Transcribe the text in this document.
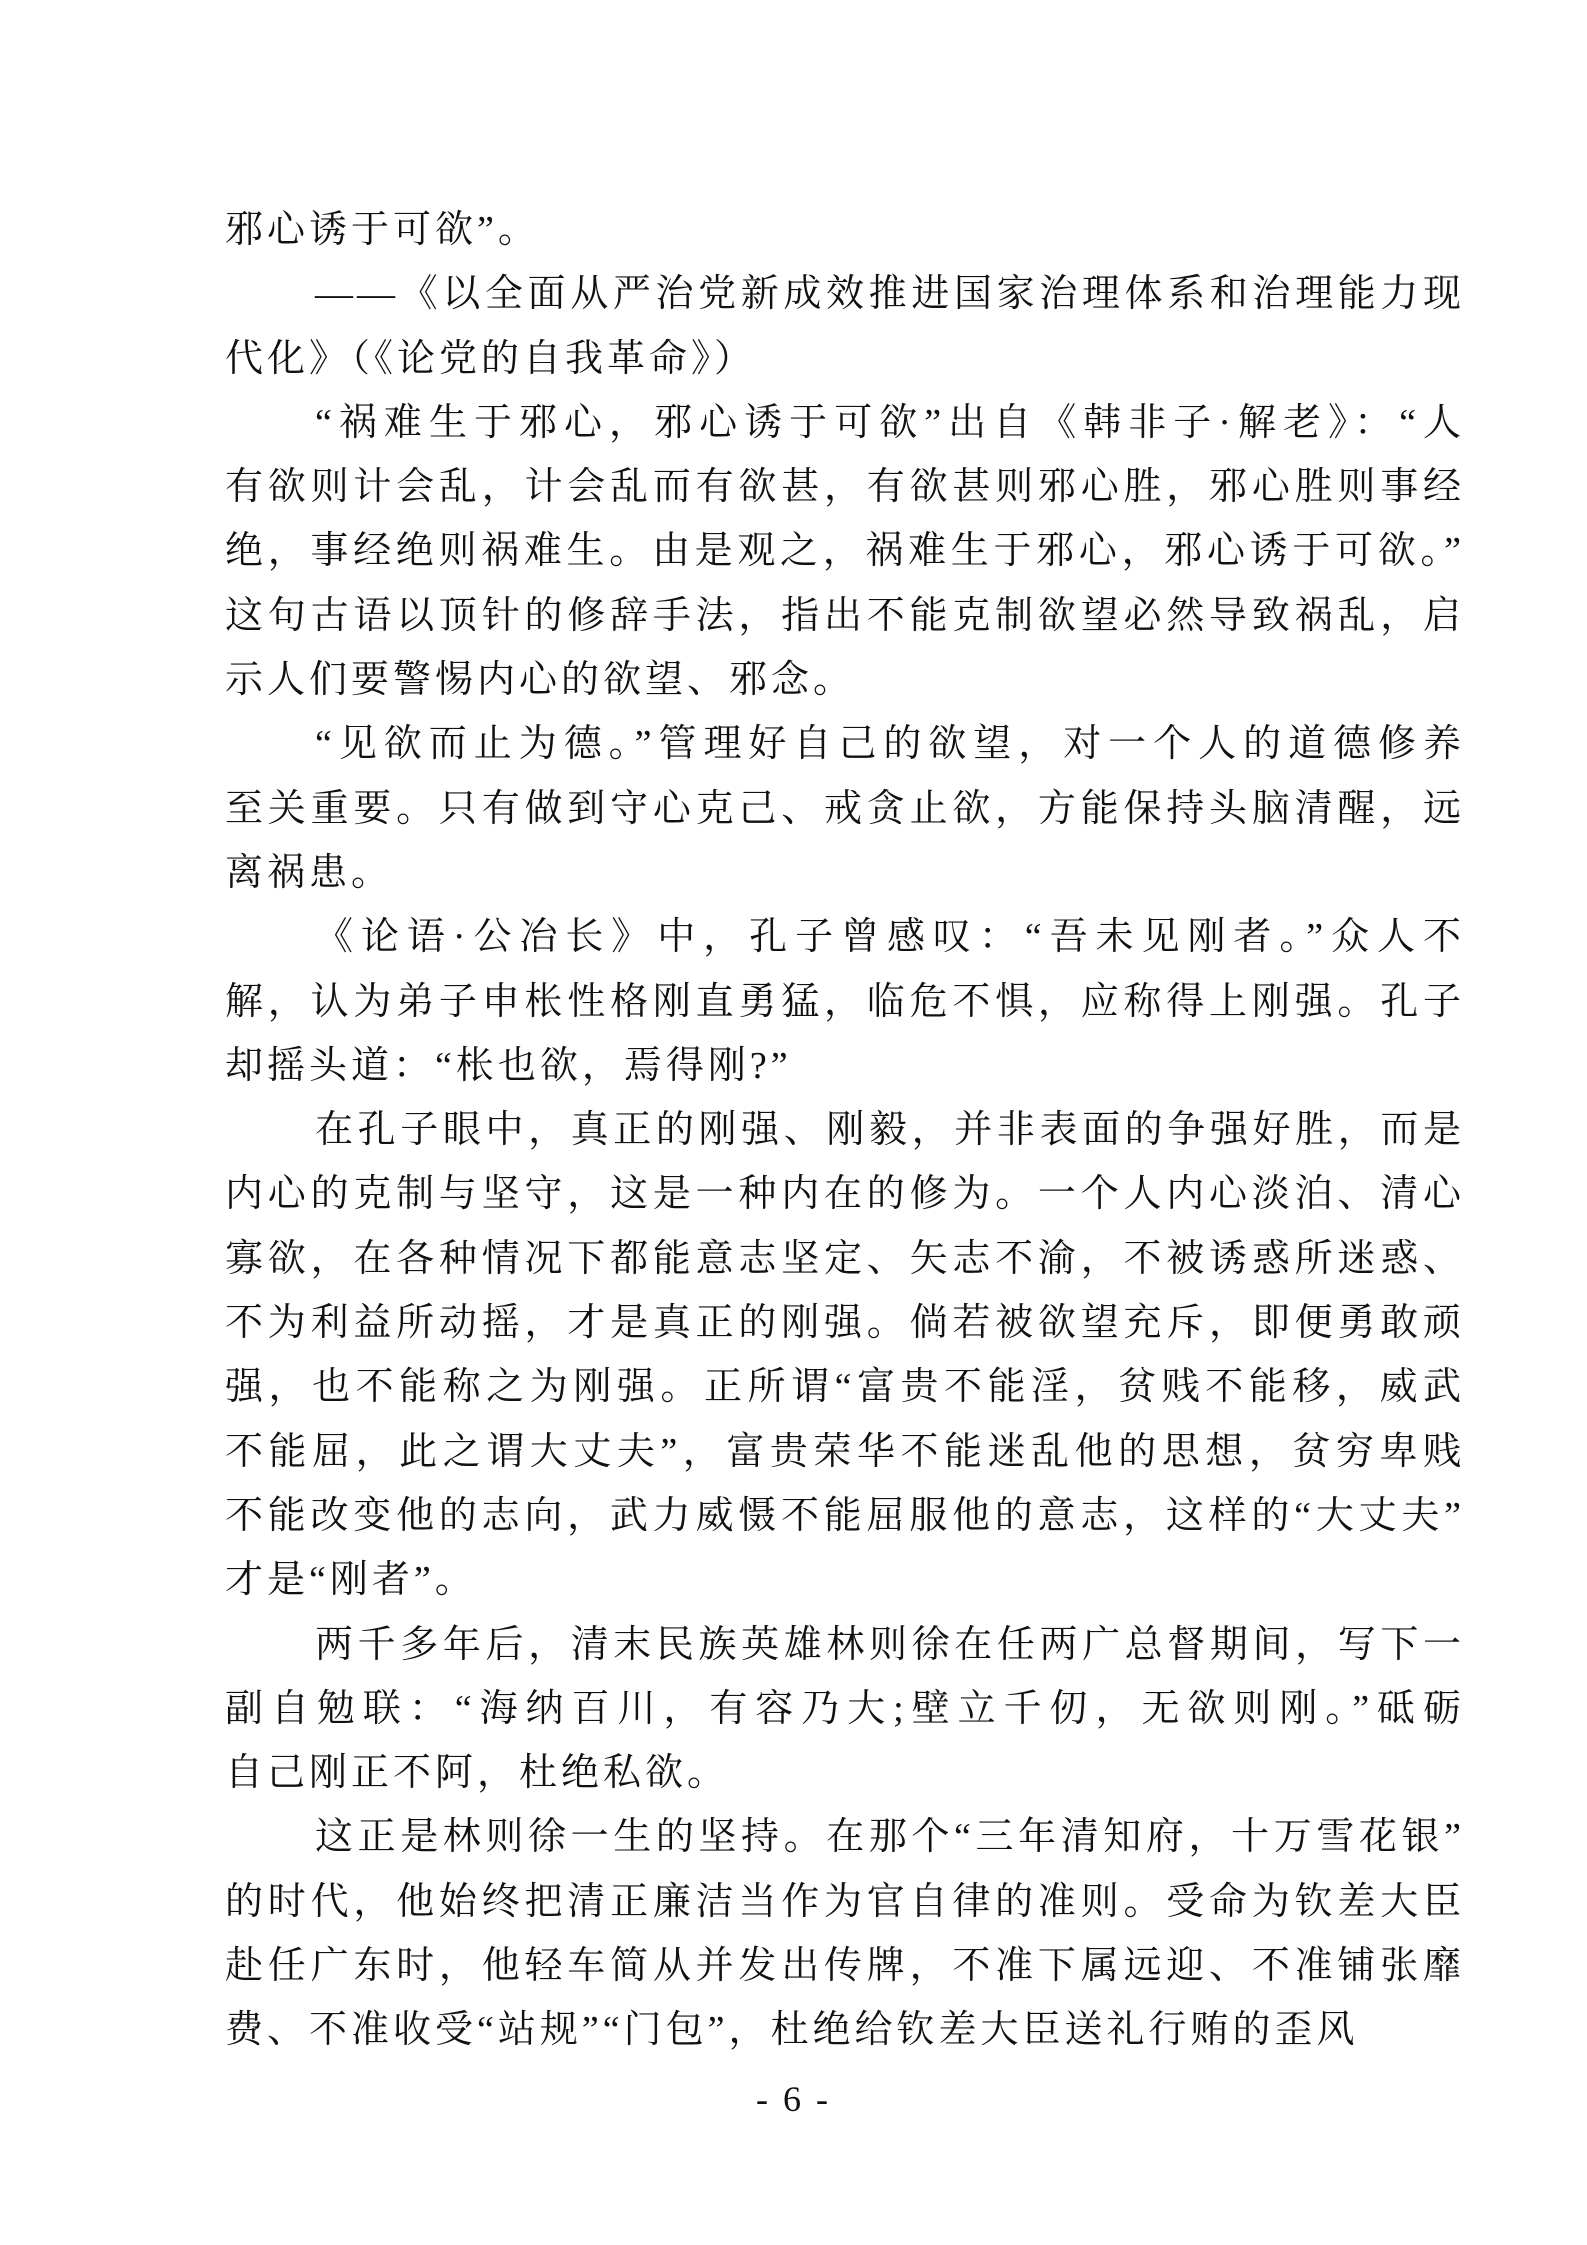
邪心诱于可欲”。
——《以全面从严治党新成效推进国家治理体系和治理能力现
代化》（《论党的自我革命》）
“祸难生于邪心，邪心诱于可欲”出自《韩非子·解老》：“人
有欲则计会乱，计会乱而有欲甚，有欲甚则邪心胜，邪心胜则事经
绝，事经绝则祸难生。由是观之，祸难生于邪心，邪心诱于可欲。”
这句古语以顶针的修辞手法，指出不能克制欲望必然导致祸乱，启
示人们要警惕内心的欲望、邪念。
“见欲而止为德。”管理好自己的欲望，对一个人的道德修养
至关重要。只有做到守心克己、戒贪止欲，方能保持头脑清醒，远
离祸患。
《论语·公冶长》中，孔子曾感叹：“吾未见刚者。”众人不
解，认为弟子申枨性格刚直勇猛，临危不惧，应称得上刚强。孔子
却摇头道：“枨也欲，焉得刚?”
在孔子眼中，真正的刚强、刚毅，并非表面的争强好胜，而是
内心的克制与坚守，这是一种内在的修为。一个人内心淡泊、清心
寡欲，在各种情况下都能意志坚定、矢志不渝，不被诱惑所迷惑、
不为利益所动摇，才是真正的刚强。倘若被欲望充斥，即便勇敢顽
强，也不能称之为刚强。正所谓“富贵不能淫，贫贱不能移，威武
不能屈，此之谓大丈夫”，富贵荣华不能迷乱他的思想，贫穷卑贱
不能改变他的志向，武力威慑不能屈服他的意志，这样的“大丈夫”
才是“刚者”。
两千多年后，清末民族英雄林则徐在任两广总督期间，写下一
副自勉联：“海纳百川，有容乃大;壁立千仞，无欲则刚。”砥砺
自己刚正不阿，杜绝私欲。
这正是林则徐一生的坚持。在那个“三年清知府，十万雪花银”
的时代，他始终把清正廉洁当作为官自律的准则。受命为钦差大臣
赴任广东时，他轻车简从并发出传牌，不准下属远迎、不准铺张靡
费、不准收受“站规”“门包”，杜绝给钦差大臣送礼行贿的歪风
- 6 -
